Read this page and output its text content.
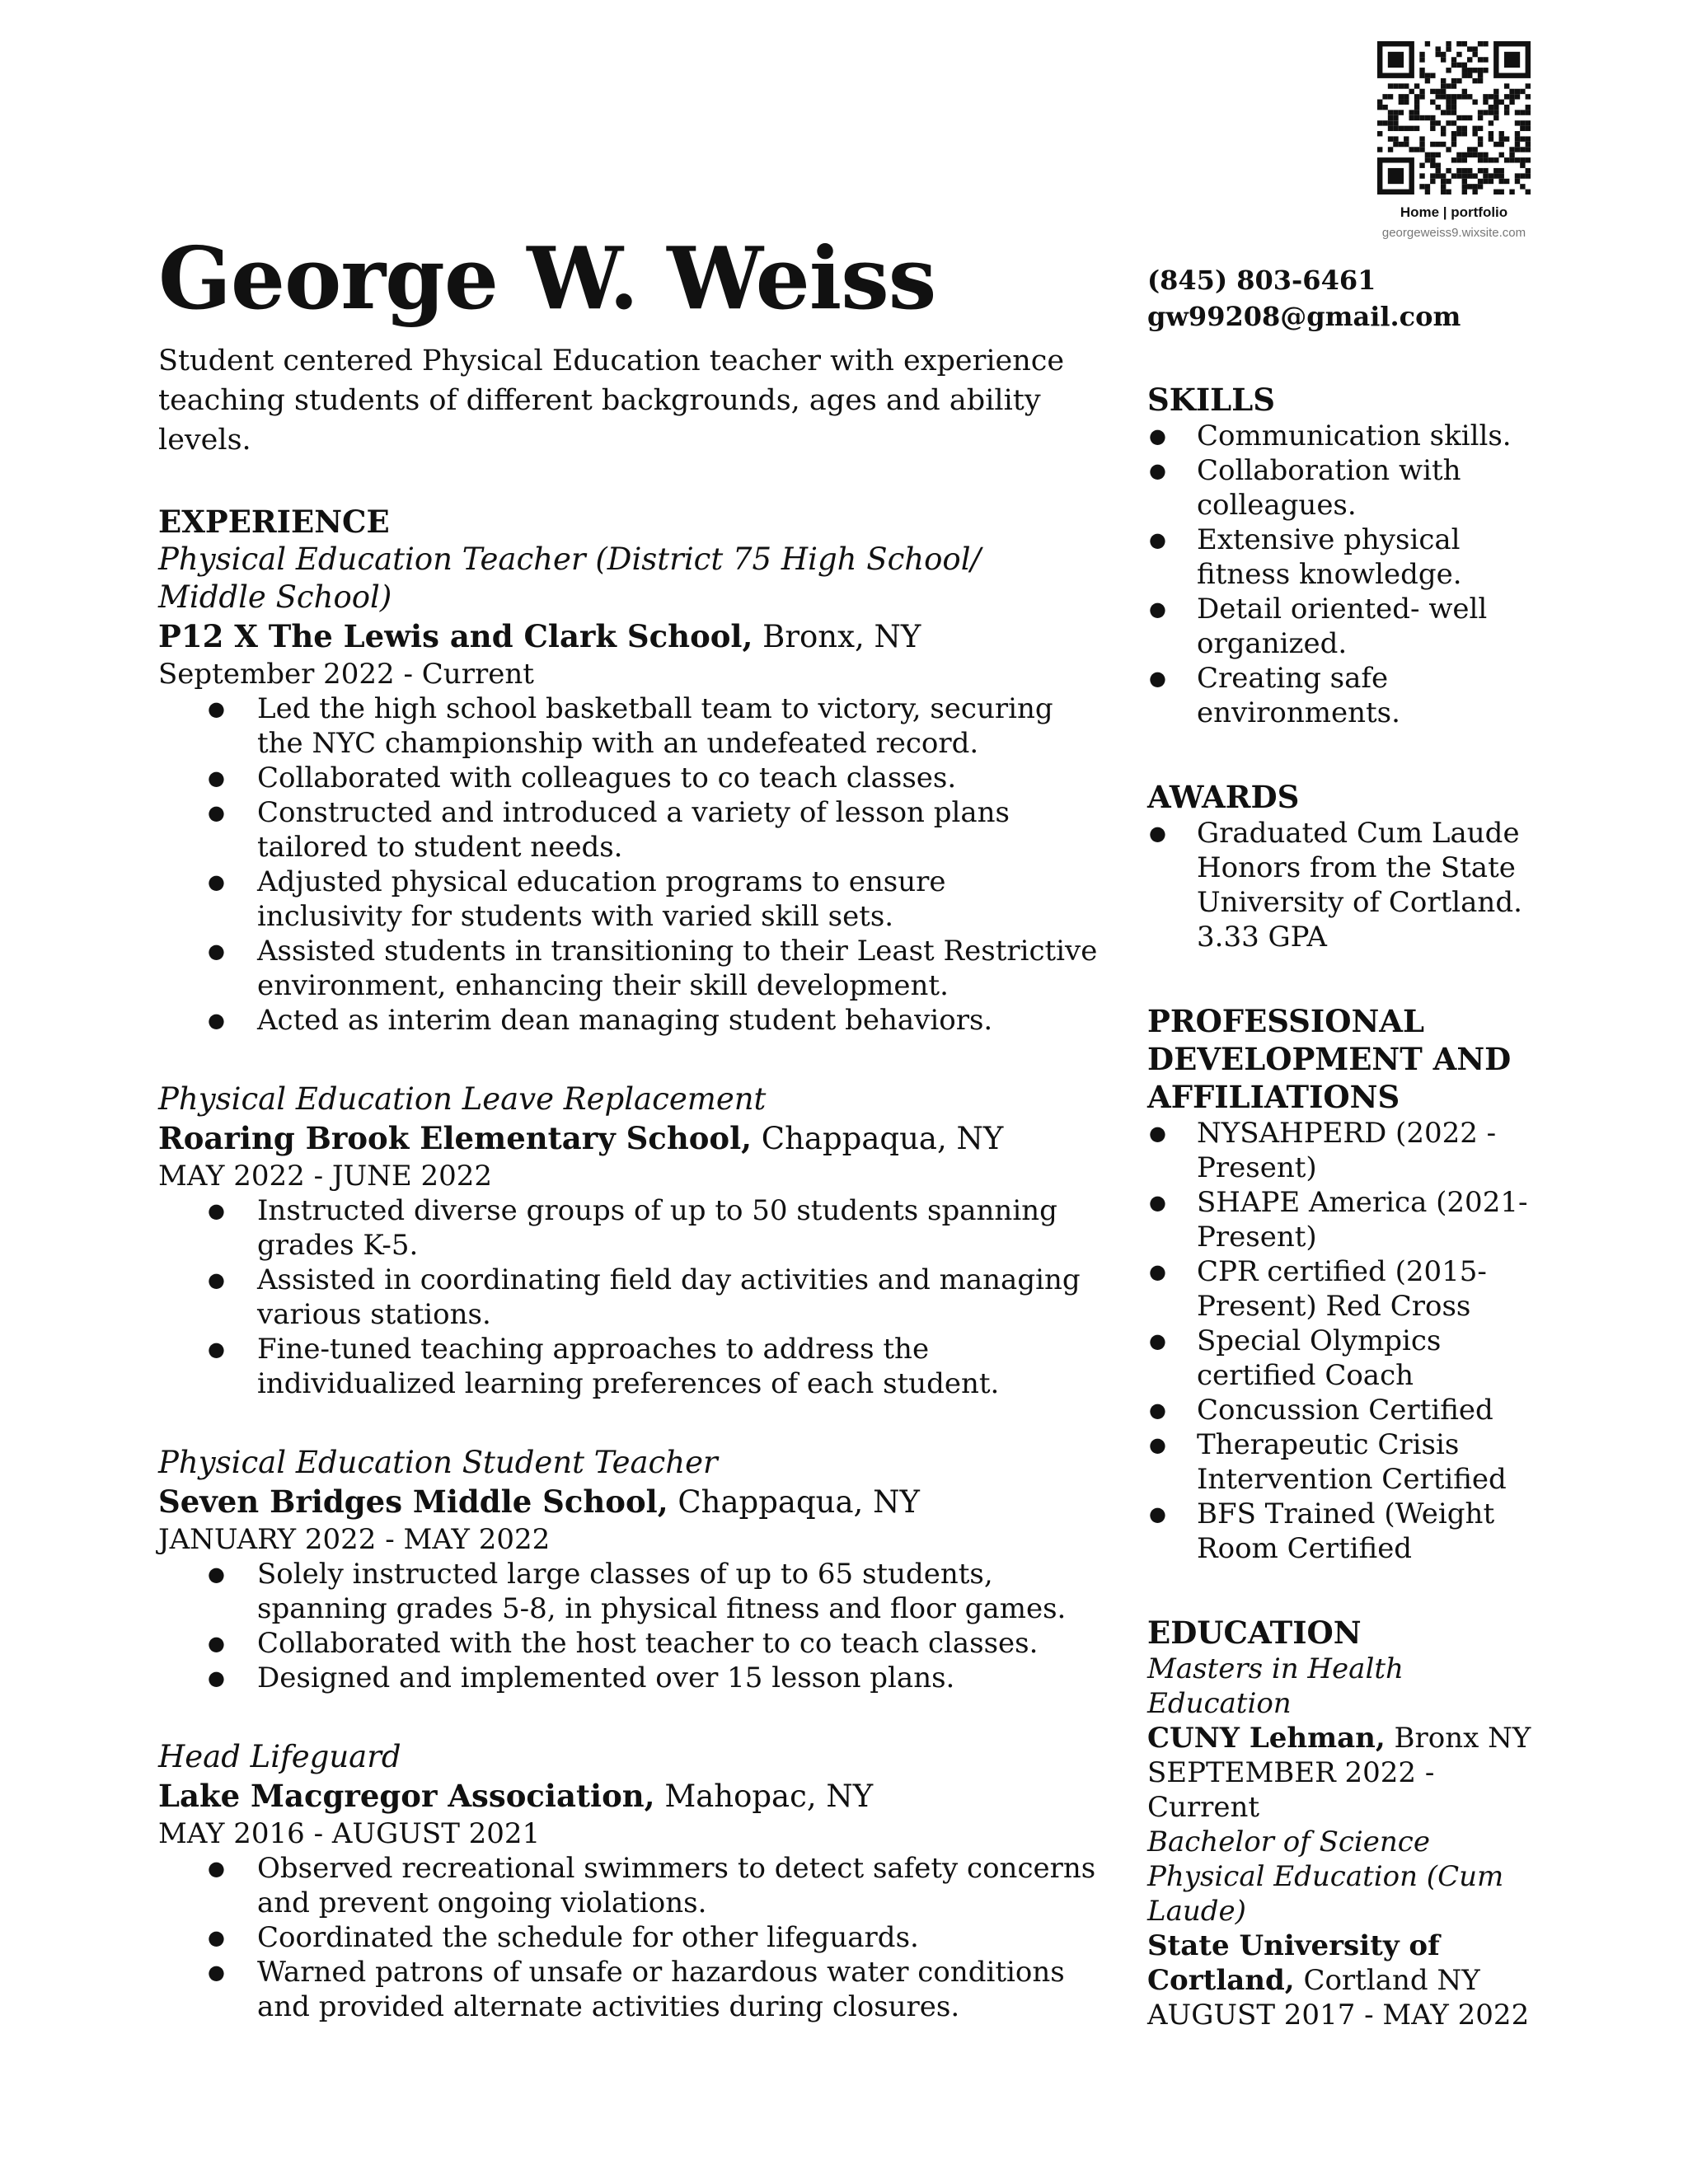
Home | portfolio
georgeweiss9.wixsite.com
George W. Weiss
Student centered Physical Education teacher with experience teaching students of different backgrounds, ages and ability levels.
EXPERIENCE
Physical Education Teacher (District 75 High School/ Middle School)
P12 X The Lewis and Clark School, Bronx, NY
September 2022 - Current
● Led the high school basketball team to victory, securing the NYC championship with an undefeated record.
● Collaborated with colleagues to co teach classes.
● Constructed and introduced a variety of lesson plans tailored to student needs.
● Adjusted physical education programs to ensure inclusivity for students with varied skill sets.
● Assisted students in transitioning to their Least Restrictive environment, enhancing their skill development.
● Acted as interim dean managing student behaviors.
Physical Education Leave Replacement
Roaring Brook Elementary School, Chappaqua, NY
MAY 2022 - JUNE 2022
● Instructed diverse groups of up to 50 students spanning grades K-5.
● Assisted in coordinating field day activities and managing various stations.
● Fine-tuned teaching approaches to address the individualized learning preferences of each student.
Physical Education Student Teacher
Seven Bridges Middle School, Chappaqua, NY
JANUARY 2022 - MAY 2022
● Solely instructed large classes of up to 65 students, spanning grades 5-8, in physical fitness and floor games.
● Collaborated with the host teacher to co teach classes.
● Designed and implemented over 15 lesson plans.
Head Lifeguard
Lake Macgregor Association, Mahopac, NY
MAY 2016 - AUGUST 2021
● Observed recreational swimmers to detect safety concerns and prevent ongoing violations.
● Coordinated the schedule for other lifeguards.
● Warned patrons of unsafe or hazardous water conditions and provided alternate activities during closures.
(845) 803-6461
gw99208@gmail.com
SKILLS
● Communication skills.
● Collaboration with colleagues.
● Extensive physical fitness knowledge.
● Detail oriented- well organized.
● Creating safe environments.
AWARDS
● Graduated Cum Laude Honors from the State University of Cortland. 3.33 GPA
PROFESSIONAL DEVELOPMENT AND AFFILIATIONS
● NYSAHPERD (2022 - Present)
● SHAPE America (2021- Present)
● CPR certified (2015- Present) Red Cross
● Special Olympics certified Coach
● Concussion Certified
● Therapeutic Crisis Intervention Certified
● BFS Trained (Weight Room Certified
EDUCATION
Masters in Health Education
CUNY Lehman, Bronx NY
SEPTEMBER 2022 - Current
Bachelor of Science Physical Education (Cum Laude)
State University of Cortland, Cortland NY
AUGUST 2017 - MAY 2022
